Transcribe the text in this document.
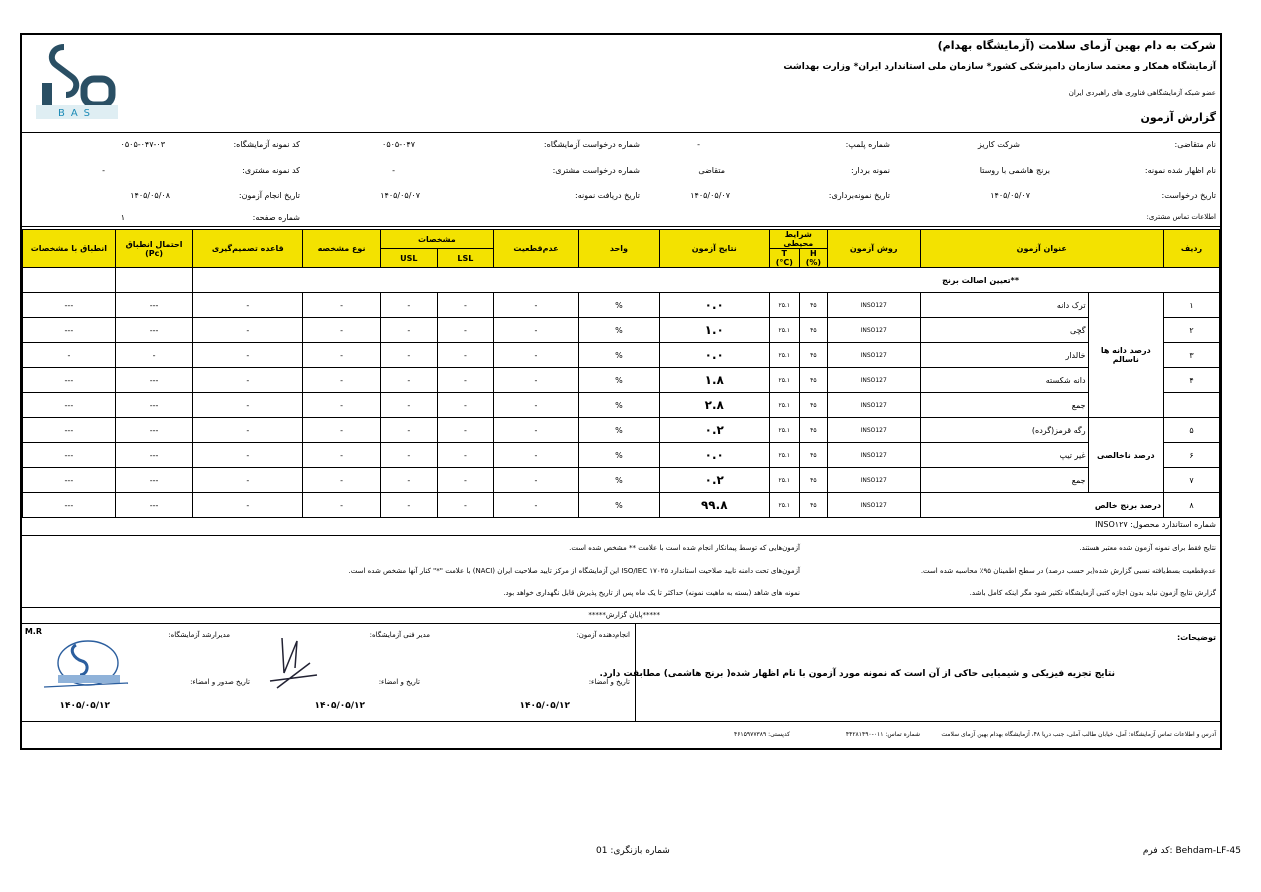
شرکت به دام بهین آزمای سلامت (آزمایشگاه بهدام)
آزمایشگاه همکار و معتمد سازمان دامپزشکی کشور* سازمان ملی استاندارد ایران* وزارت بهداشت
عضو شبکه آزمایشگاهی فناوری های راهبردی ایران
گزارش آزمون
BAS
نام متقاضی:
شرکت کاریز
شماره پلمپ:
-
شماره درخواست آزمایشگاه:
۰۵۰۵-۰۴۷
کد نمونه آزمایشگاه:
۰۵۰۵-۰۴۷-۰۳
نام اظهار شده نمونه:
برنج هاشمی با روستا
نمونه بردار:
متقاضی
شماره درخواست مشتری:
-
کد نمونه مشتری:
-
تاریخ درخواست:
۱۴۰۵/۰۵/۰۷
تاریخ نمونه‌برداری:
۱۴۰۵/۰۵/۰۷
تاریخ دریافت نمونه:
۱۴۰۵/۰۵/۰۷
تاریخ انجام آزمون:
۱۴۰۵/۰۵/۰۸
اطلاعات تماس مشتری:
شماره صفحه:
۱
ردیف	عنوان آزمون		روش آزمون	شرایط محیطی		نتایج آزمون	واحد	عدم‌قطعیت	مشخصات		نوع مشخصه	قاعده تصمیم‌گیری	احتمال انطباق (Pc)	انطباق با مشخصات
				H (%)	T (°C)				LSL	USL				
**تعیین اصالت برنج														
۱	درصد دانه ها ناسالم	ترک دانه	INSO127	۴۵	۲۵.۱	۰.۰	%	-	-	-	-	-	---	---
۲		گچی	INSO127	۴۵	۲۵.۱	۱.۰	%	-	-	-	-	-	---	---
۳		خالدار	INSO127	۴۵	۲۵.۱	۰.۰	%	-	-	-	-	-	-	-
۴		دانه شکسته	INSO127	۴۵	۲۵.۱	۱.۸	%	-	-	-	-	-	---	---
		جمع	INSO127	۴۵	۲۵.۱	۲.۸	%	-	-	-	-	-	---	---
۵	درصد ناخالصی	رگه قرمز(گرده)	INSO127	۴۵	۲۵.۱	۰.۲	%	-	-	-	-	-	---	---
۶		غیر تیپ	INSO127	۴۵	۲۵.۱	۰.۰	%	-	-	-	-	-	---	---
۷		جمع	INSO127	۴۵	۲۵.۱	۰.۲	%	-	-	-	-	-	---	---
۸	درصد برنج خالص		INSO127	۴۵	۲۵.۱	۹۹.۸	%	-	-	-	-	-	---	---
شماره استاندارد محصول: INSO۱۲۷
نتایج فقط برای نمونه آزمون شده معتبر هستند.
آزمون‌هایی که توسط پیمانکار انجام شده است با علامت ** مشخص شده است.
عدم‌قطعیت بسط‌یافته نسبی گزارش شده(بر حسب درصد) در سطح اطمینان ۹۵٪ محاسبه شده است.
آزمون‌های تحت دامنه تایید صلاحیت استاندارد ISO/IEC ۱۷۰۲۵ این آزمایشگاه از مرکز تایید صلاحیت ایران (NACI) با علامت "*" کنار آنها مشخص شده است.
گزارش نتایج آزمون نباید بدون اجازه کتبی آزمایشگاه تکثیر شود مگر اینکه کامل باشد.
نمونه های شاهد (بسته به ماهیت نمونه) حداکثر تا یک ماه پس از تاریخ پذیرش قابل نگهداری خواهد بود.
*****پایان گزارش*****
توضیحات:
نتایج تجزیه فیزیکی و شیمیایی حاکی از آن است که نمونه مورد آزمون با نام اظهار شده( برنج هاشمی) مطابقت دارد.
انجام‌دهنده آزمون:
تاریخ و امضاء:
۱۴۰۵/۰۵/۱۲
مدیر فنی آزمایشگاه:
تاریخ و امضاء:
۱۴۰۵/۰۵/۱۲
مدیرارشد آزمایشگاه:
تاریخ صدور و امضاء:
۱۴۰۵/۰۵/۱۲
M.R
آدرس و اطلاعات تماس آزمایشگاه: آمل، خیابان طالب آملی، جنب دریا ۴۸، آزمایشگاه بهدام بهین آزمای سلامت
شماره تماس: ۰۱۱-۴۴۲۸۱۴۹۰
کدپستی: ۴۶۱۵۹۷۷۳۸۹
کد فرم: Behdam-LF-45
شماره بازنگری: 01
